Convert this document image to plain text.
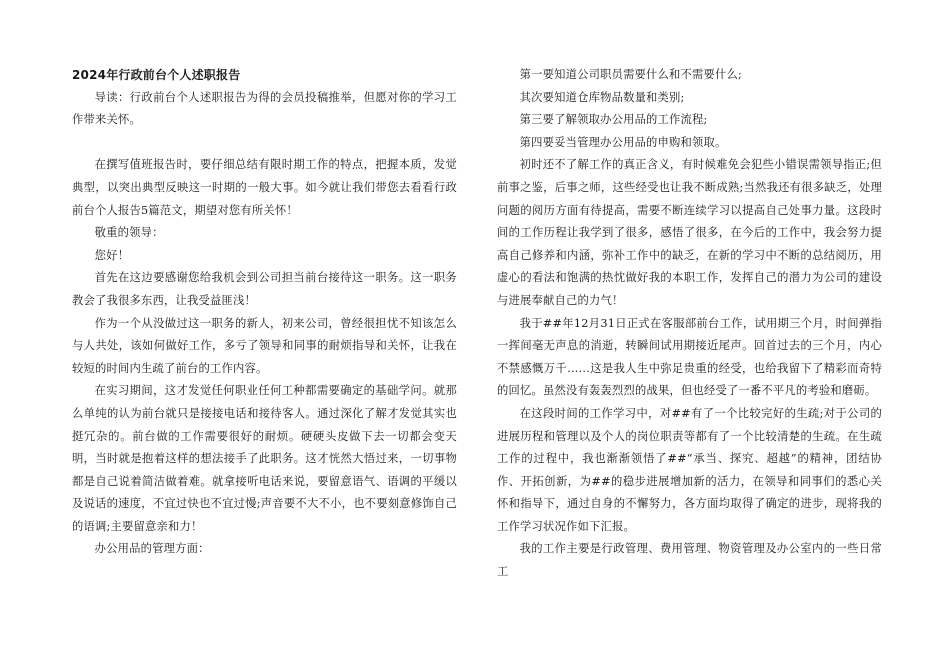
2024年行政前台个人述职报告

导读：行政前台个人述职报告为得的会员投稿推举，但愿对你的学习工作带来关怀。

在撰写值班报告时，要仔细总结有限时期工作的特点，把握本质，发觉典型，以突出典型反映这一时期的一般大事。如今就让我们带您去看看行政前台个人报告5篇范文，期望对您有所关怀！

敬重的领导：

您好！

首先在这边要感谢您给我机会到公司担当前台接待这一职务。这一职务教会了我很多东西，让我受益匪浅！

作为一个从没做过这一职务的新人，初来公司，曾经很担忧不知该怎么与人共处，该如何做好工作，多亏了领导和同事的耐烦指导和关怀，让我在较短的时间内生疏了前台的工作内容。

在实习期间，这才发觉任何职业任何工种都需要确定的基础学问。就那么单纯的认为前台就只是接接电话和接待客人。通过深化了解才发觉其实也挺冗杂的。前台做的工作需要很好的耐烦。硬硬头皮做下去一切都会变天明，当时就是抱着这样的想法接手了此职务。这才恍然大悟过来，一切事物都是自己说着简洁做着难。就拿接听电话来说，要留意语气、语调的平缓以及说话的速度，不宜过快也不宜过慢;声音要不大不小，也不要刻意修饰自己的语调;主要留意亲和力！

办公用品的管理方面：

第一要知道公司职员需要什么和不需要什么;

其次要知道仓库物品数量和类别;

第三要了解领取办公用品的工作流程;

第四要妥当管理办公用品的申购和领取。

初时还不了解工作的真正含义，有时候难免会犯些小错误需领导指正;但前事之鉴，后事之师，这些经受也让我不断成熟;当然我还有很多缺乏，处理问题的阅历方面有待提高，需要不断连续学习以提高自己处事力量。这段时间的工作历程让我学到了很多，感悟了很多，在今后的工作中，我会努力提高自己修养和内涵，弥补工作中的缺乏，在新的学习中不断的总结阅历，用虚心的看法和饱满的热忱做好我的本职工作，发挥自己的潜力为公司的建设与进展奉献自己的力气！

我于##年12月31日正式在客服部前台工作，试用期三个月，时间弹指一挥间毫无声息的消逝，转瞬间试用期接近尾声。回首过去的三个月，内心不禁感慨万千……这是我人生中弥足贵重的经受，也给我留下了精彩而奇特的回忆。虽然没有轰轰烈烈的战果，但也经受了一番不平凡的考验和磨砺。

在这段时间的工作学习中，对##有了一个比较完好的生疏;对于公司的进展历程和管理以及个人的岗位职责等都有了一个比较清楚的生疏。在生疏工作的过程中，我也渐渐领悟了##“承当、探究、超越”的精神，团结协作、开拓创新，为##的稳步进展增加新的活力，在领导和同事们的悉心关怀和指导下，通过自身的不懈努力，各方面均取得了确定的进步，现将我的工作学习状况作如下汇报。

我的工作主要是行政管理、费用管理、物资管理及办公室内的一些日常工
